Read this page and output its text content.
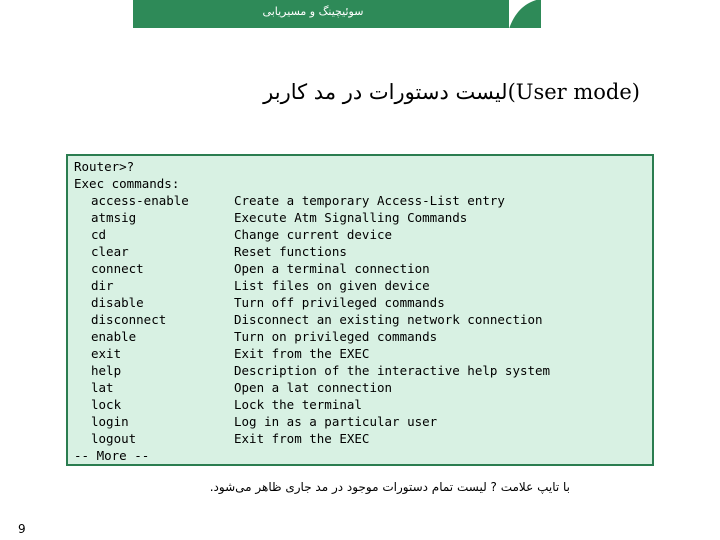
سوئیچینگ و مسیریابی
لیست دستورات در مد کاربر(User mode)
Router>?
Exec commands:
access-enable	Create a temporary Access-List entry
atmsig	Execute Atm Signalling Commands
cd	Change current device
clear	Reset functions
connect	Open a terminal connection
dir	List files on given device
disable	Turn off privileged commands
disconnect	Disconnect an existing network connection
enable	Turn on privileged commands
exit	Exit from the EXEC
help	Description of the interactive help system
lat	Open a lat connection
lock	Lock the terminal
login	Log in as a particular user
logout	Exit from the EXEC
-- More --
با تایپ علامت ? لیست تمام دستورات موجود در مد جاری ظاهر می‌شود.
9
